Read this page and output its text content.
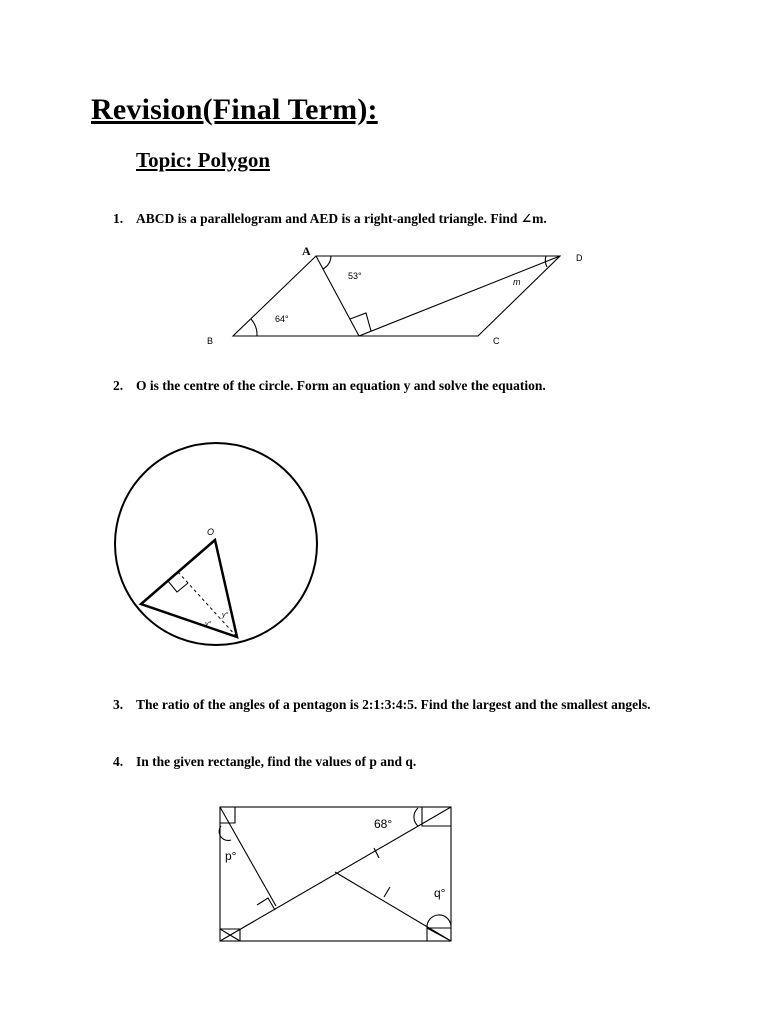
Revision(Final Term):
Topic: Polygon
1. ABCD is a parallelogram and AED is a right-angled triangle. Find ∠m.
2. O is the centre of the circle. Form an equation y and solve the equation.
3. The ratio of the angles of a pentagon is 2:1:3:4:5. Find the largest and the smallest angels.
4. In the given rectangle, find the values of p and q.
A
B	C
D
53°
64°
m
O
y°
y°
p°
68°
q°
